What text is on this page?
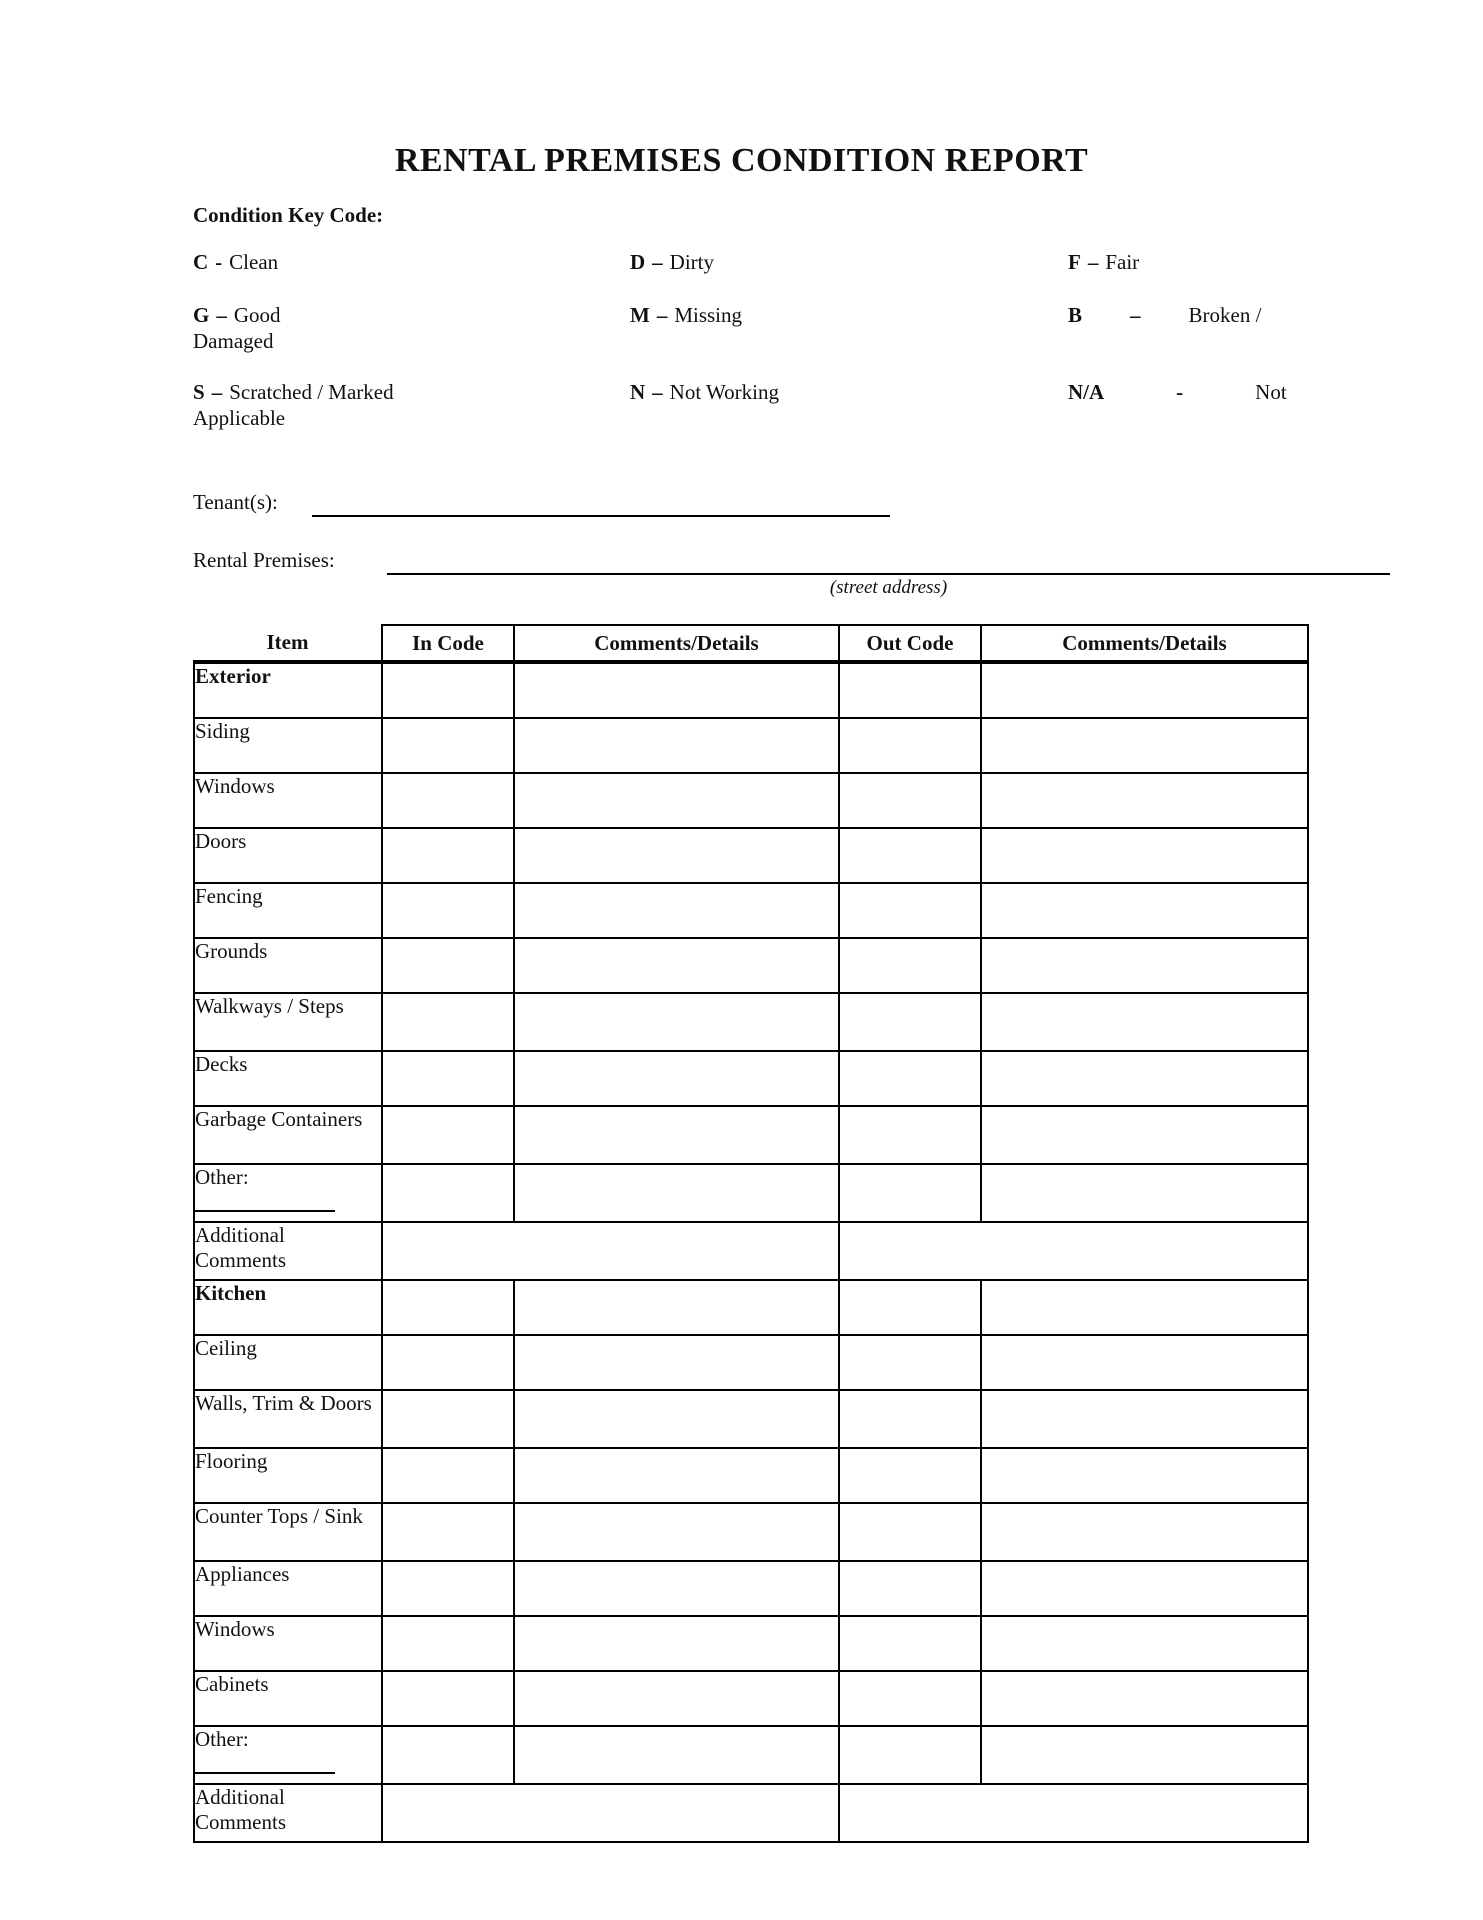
RENTAL PREMISES CONDITION REPORT
Condition Key Code:
C - Clean	D – Dirty	F – Fair
G – Good	M – Missing	B – Broken /
Damaged
S – Scratched / Marked	N – Not Working	N/A	-	Not
Applicable
Tenant(s):
Rental Premises:
(street address)
Item	In Code	Comments/Details	Out Code	Comments/Details
Exterior				
Siding				
Windows				
Doors				
Fencing				
Grounds				
Walkways / Steps				
Decks				
Garbage Containers				
Other:

Additional Comments				
Kitchen				
Ceiling				
Walls, Trim & Doors				
Flooring				
Counter Tops / Sink				
Appliances				
Windows				
Cabinets				
Other:

Additional Comments				
